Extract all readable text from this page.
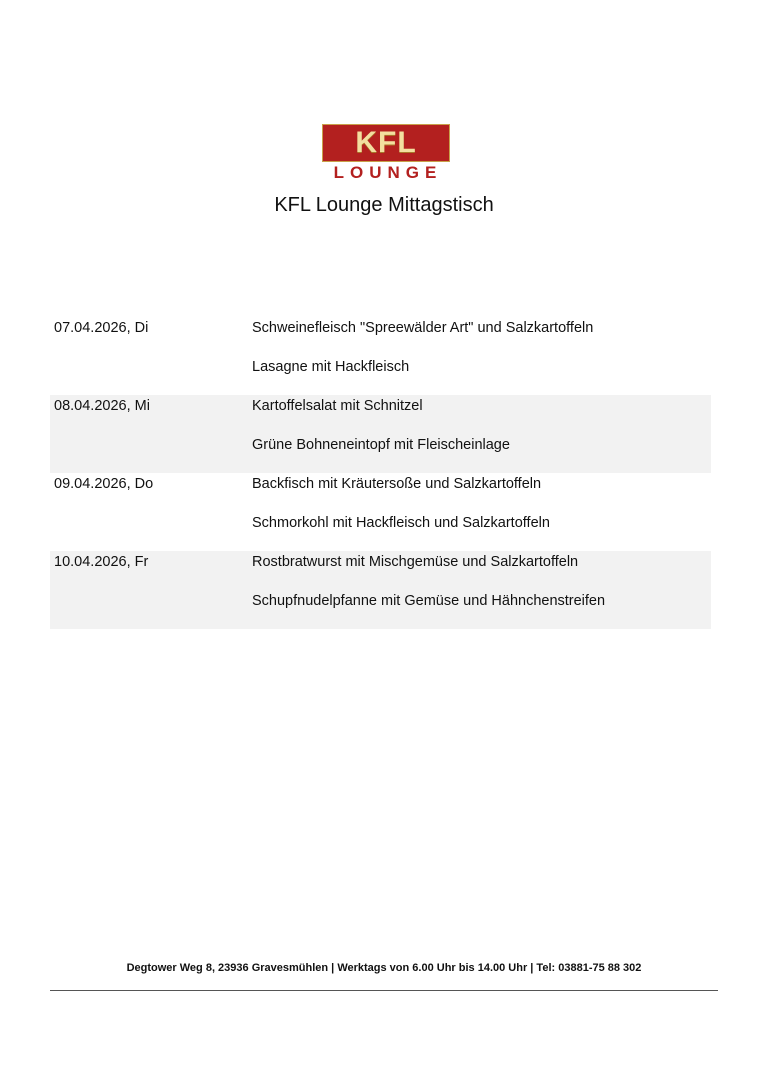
KFL
LOUNGE
KFL Lounge Mittagstisch
07.04.2026, Di	Schweinefleisch "Spreewälder Art" und Salzkartoffeln
Lasagne mit Hackfleisch
08.04.2026, Mi	Kartoffelsalat mit Schnitzel
Grüne Bohneneintopf mit Fleischeinlage
09.04.2026, Do	Backfisch mit Kräutersoße und Salzkartoffeln
Schmorkohl mit Hackfleisch und Salzkartoffeln
10.04.2026, Fr	Rostbratwurst mit Mischgemüse und Salzkartoffeln
Schupfnudelpfanne mit Gemüse und Hähnchenstreifen
Degtower Weg 8, 23936 Gravesmühlen | Werktags von 6.00 Uhr bis 14.00 Uhr | Tel: 03881-75 88 302
